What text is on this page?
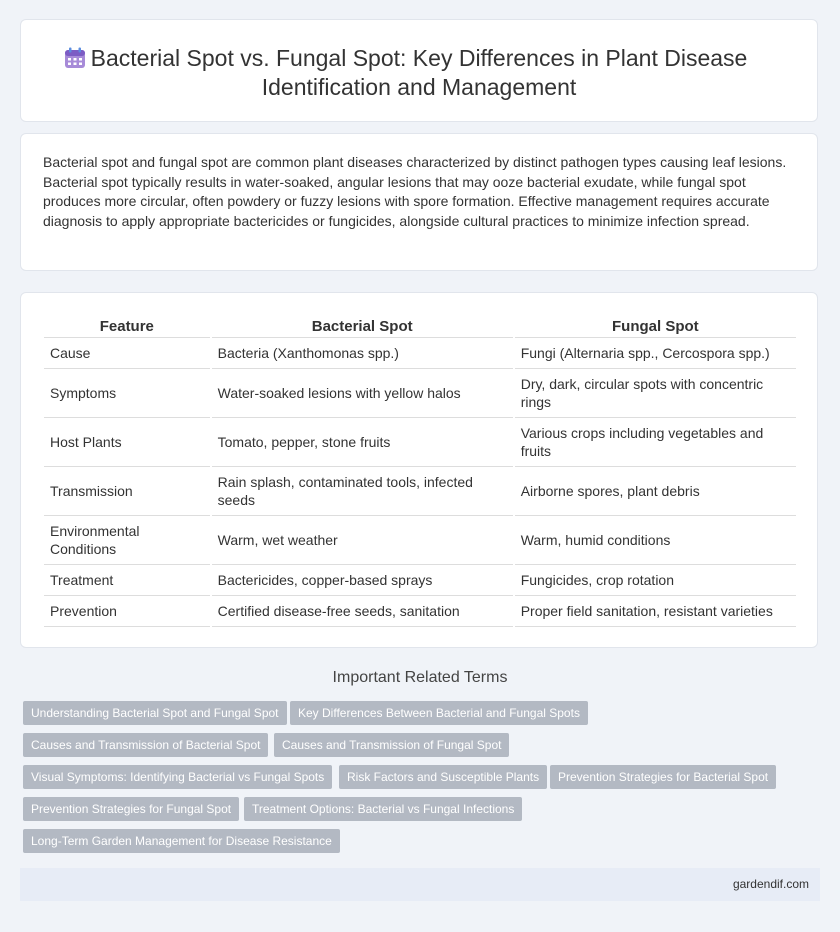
Bacterial Spot vs. Fungal Spot: Key Differences in Plant Disease Identification and Management

Bacterial spot and fungal spot are common plant diseases characterized by distinct pathogen types causing leaf lesions. Bacterial spot typically results in water-soaked, angular lesions that may ooze bacterial exudate, while fungal spot produces more circular, often powdery or fuzzy lesions with spore formation. Effective management requires accurate diagnosis to apply appropriate bactericides or fungicides, alongside cultural practices to minimize infection spread.

Feature	Bacterial Spot	Fungal Spot
Cause	Bacteria (Xanthomonas spp.)	Fungi (Alternaria spp., Cercospora spp.)
Symptoms	Water-soaked lesions with yellow halos	Dry, dark, circular spots with concentric rings
Host Plants	Tomato, pepper, stone fruits	Various crops including vegetables and fruits
Transmission	Rain splash, contaminated tools, infected seeds	Airborne spores, plant debris
Environmental Conditions	Warm, wet weather	Warm, humid conditions
Treatment	Bactericides, copper-based sprays	Fungicides, crop rotation
Prevention	Certified disease-free seeds, sanitation	Proper field sanitation, resistant varieties
Important Related Terms
Understanding Bacterial Spot and Fungal Spot	Key Differences Between Bacterial and Fungal Spots
Causes and Transmission of Bacterial Spot	Causes and Transmission of Fungal Spot
Visual Symptoms: Identifying Bacterial vs Fungal Spots	Risk Factors and Susceptible Plants	Prevention Strategies for Bacterial Spot
Prevention Strategies for Fungal Spot	Treatment Options: Bacterial vs Fungal Infections
Long-Term Garden Management for Disease Resistance
gardendif.com
